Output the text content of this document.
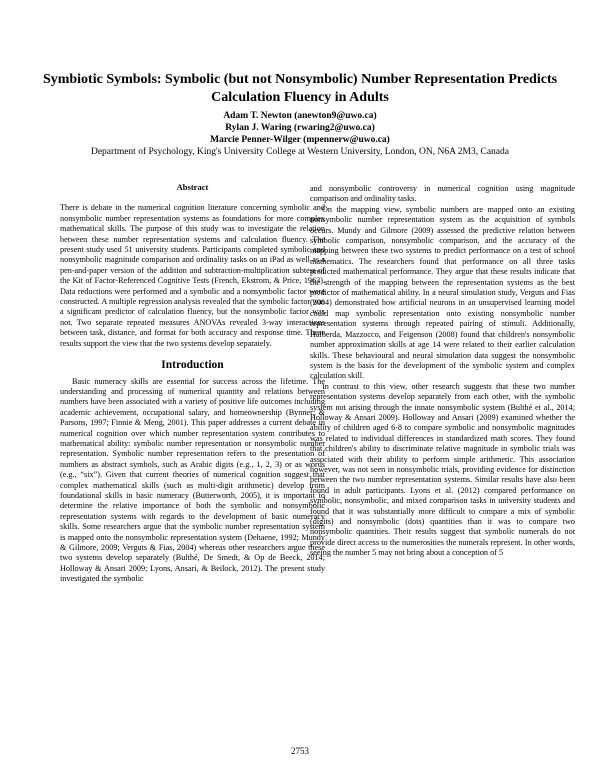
Symbiotic Symbols: Symbolic (but not Nonsymbolic) Number Representation Predicts Calculation Fluency in Adults
Adam T. Newton (anewton9@uwo.ca)
Rylan J. Waring (rwaring2@uwo.ca)
Marcie Penner-Wilger (mpennerw@uwo.ca)
Department of Psychology, King's University College at Western University, London, ON, N6A 2M3, Canada
Abstract
There is debate in the numerical cognition literature concerning symbolic and nonsymbolic number representation systems as foundations for more complex mathematical skills. The purpose of this study was to investigate the relation between these number representation systems and calculation fluency. The present study used 51 university students. Participants completed symbolic and nonsymbolic magnitude comparison and ordinality tasks on an iPad as well as a pen-and-paper version of the addition and subtraction-multiplication subtest of the Kit of Factor-Referenced Cognitive Tests (French, Ekstrom, & Price, 1963). Data reductions were performed and a symbolic and a nonsymbolic factor were constructed. A multiple regression analysis revealed that the symbolic factor was a significant predictor of calculation fluency, but the nonsymbolic factor was not. Two separate repeated measures ANOVAs revealed 3-way interactions between task, distance, and format for both accuracy and response time. These results support the view that the two systems develop separately.
Introduction

Basic numeracy skills are essential for success across the lifetime. The understanding and processing of numerical quantity and relations between numbers have been associated with a variety of positive life outcomes including academic achievement, occupational salary, and homeownership (Bynner, & Parsons, 1997; Finnie & Meng, 2001). This paper addresses a current debate in numerical cognition over which number representation system contributes to mathematical ability: symbolic number representation or nonsymbolic number representation. Symbolic number representation refers to the presentation of numbers as abstract symbols, such as Arabic digits (e.g., 1, 2, 3) or as words (e.g., “six”). Given that current theories of numerical cognition suggest that complex mathematical skills (such as multi-digit arithmetic) develop from foundational skills in basic numeracy (Butterworth, 2005), it is important to determine the relative importance of both the symbolic and nonsymbolic representation systems with regards to the development of basic numeracy skills. Some researchers argue that the symbolic number representation system is mapped onto the nonsymbolic representation system (Dehaene, 1992; Mundy & Gilmore, 2009; Verguts & Fias, 2004) whereas other researchers argue these two systems develop separately (Bulthé, De Smedt, & Op de Beeck, 2014; Holloway & Ansari 2009; Lyons, Ansari, & Beilock, 2012). The present study investigated the symbolic

and nonsymbolic controversy in numerical cognition using magnitude comparison and ordinality tasks.

On the mapping view, symbolic numbers are mapped onto an existing nonsymbolic number representation system as the acquisition of symbols occurs. Mundy and Gilmore (2009) assessed the predictive relation between symbolic comparison, nonsymbolic comparison, and the accuracy of the mapping between these two systems to predict performance on a test of school mathematics. The researchers found that performance on all three tasks predicted mathematical performance. They argue that these results indicate that the strength of the mapping between the representation systems as the best predictor of mathematical ability. In a neural simulation study, Verguts and Fias (2004) demonstrated how artificial neurons in an unsupervised learning model could map symbolic representation onto existing nonsymbolic number representation systems through repeated pairing of stimuli. Additionally, Halberda, Mazzocco, and Feigenson (2008) found that children's nonsymbolic number approximation skills at age 14 were related to their earlier calculation skills. These behavioural and neural simulation data suggest the nonsymbolic system is the basis for the development of the symbolic system and complex calculation skill.

In contrast to this view, other research suggests that these two number representation systems develop separately from each other, with the symbolic system not arising through the innate nonsymbolic system (Bulthé et al., 2014; Holloway & Ansari 2009). Holloway and Ansari (2009) examined whether the ability of children aged 6-8 to compare symbolic and nonsymbolic magnitudes was related to individual differences in standardized math scores. They found that children's ability to discriminate relative magnitude in symbolic trials was associated with their ability to perform simple arithmetic. This association however, was not seen in nonsymbolic trials, providing evidence for distinction between the two number representation systems. Similar results have also been found in adult participants. Lyons et al. (2012) compared performance on symbolic, nonsymbolic, and mixed comparison tasks in university students and found that it was substantially more difficult to compare a mix of symbolic (digits) and nonsymbolic (dots) quantities than it was to compare two nonsymbolic quantities. Their results suggest that symbolic numerals do not provide direct access to the numerosities the numerals represent. In other words, seeing the number 5 may not bring about a conception of 5

2753
